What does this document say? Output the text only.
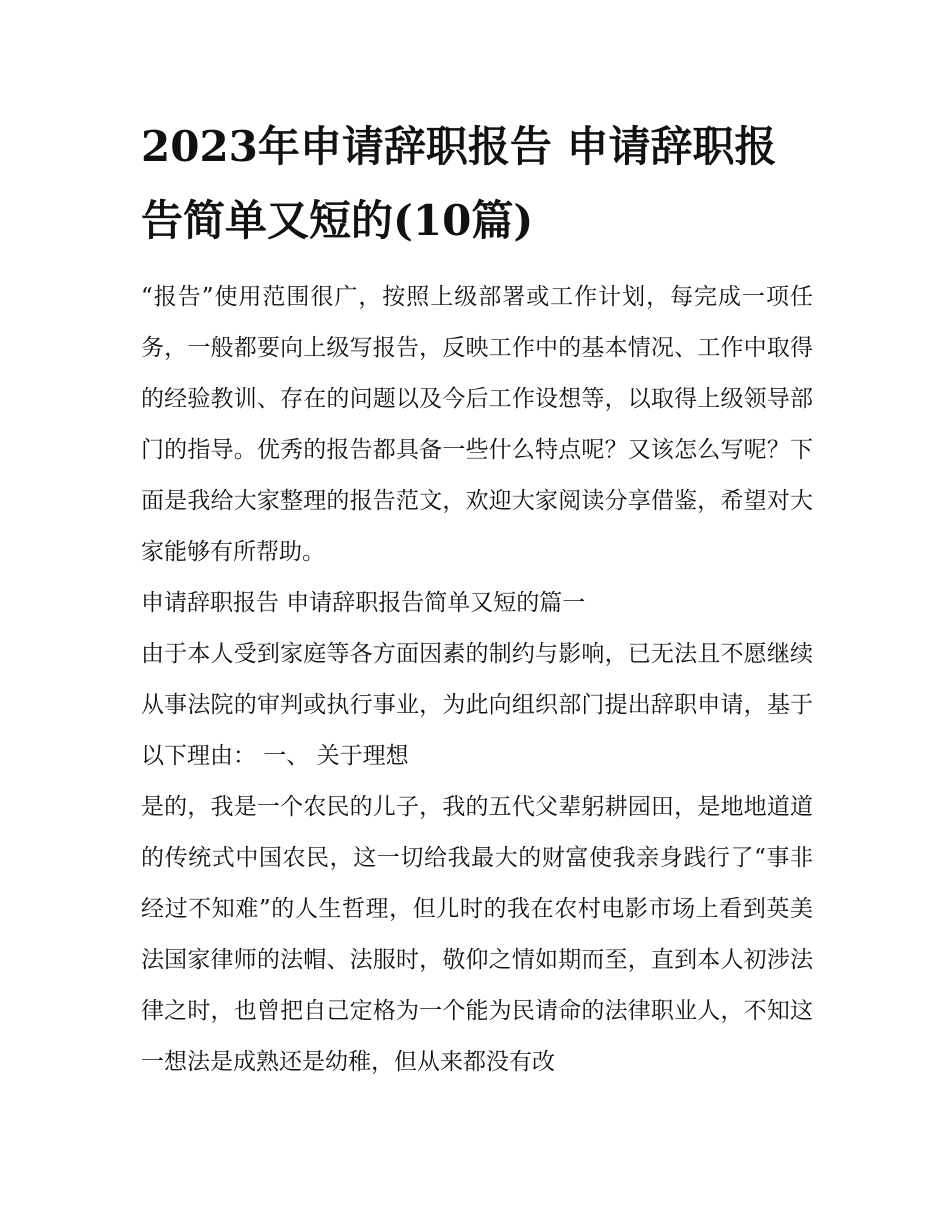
2023年申请辞职报告 申请辞职报告简单又短的(10篇)

“报告”使用范围很广，按照上级部署或工作计划，每完成一项任务，一般都要向上级写报告，反映工作中的基本情况、工作中取得的经验教训、存在的问题以及今后工作设想等，以取得上级领导部门的指导。优秀的报告都具备一些什么特点呢？又该怎么写呢？下面是我给大家整理的报告范文，欢迎大家阅读分享借鉴，希望对大家能够有所帮助。

申请辞职报告 申请辞职报告简单又短的篇一

由于本人受到家庭等各方面因素的制约与影响，已无法且不愿继续从事法院的审判或执行事业，为此向组织部门提出辞职申请，基于以下理由： 一、 关于理想

是的，我是一个农民的儿子，我的五代父辈躬耕园田，是地地道道的传统式中国农民，这一切给我最大的财富使我亲身践行了“事非经过不知难”的人生哲理，但儿时的我在农村电影市场上看到英美法国家律师的法帽、法服时，敬仰之情如期而至，直到本人初涉法律之时，也曾把自己定格为一个能为民请命的法律职业人，不知这一想法是成熟还是幼稚，但从来都没有改
